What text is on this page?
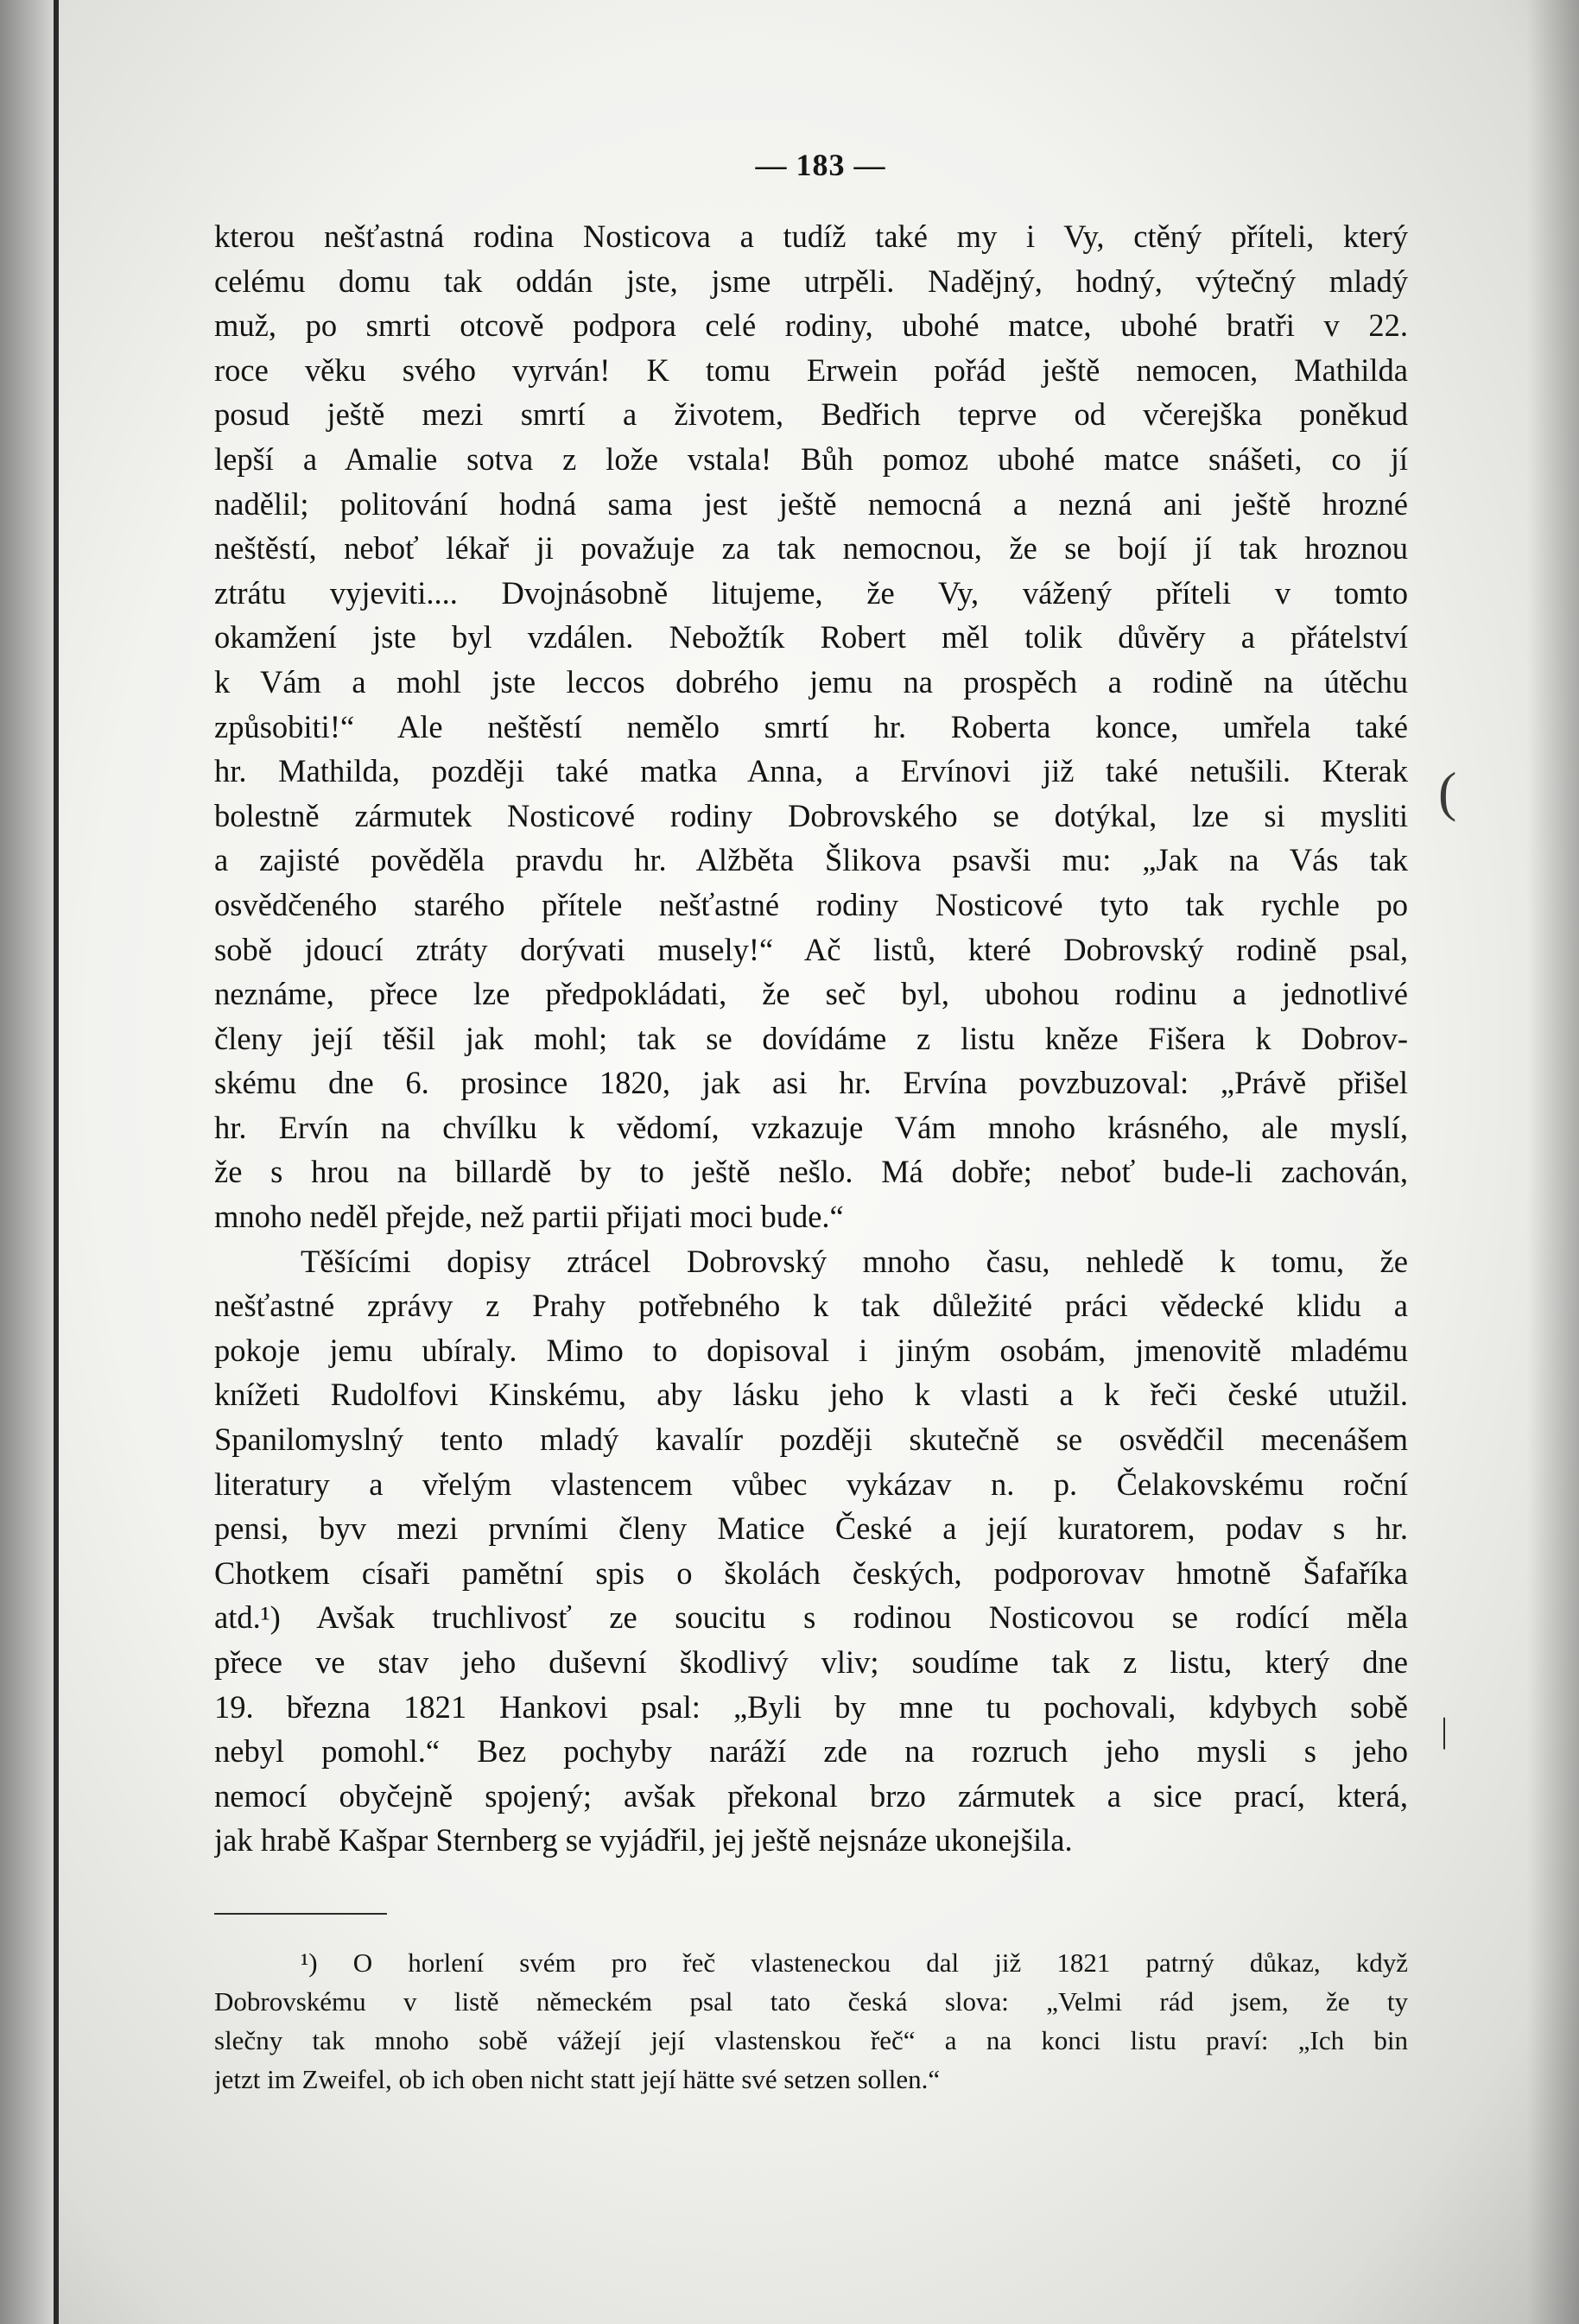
— 183 —
kterou nešťastná rodina Nosticova a tudíž také my i Vy, ctěný příteli, který
celému domu tak oddán jste, jsme utrpěli. Nadějný, hodný, výtečný mladý
muž, po smrti otcově podpora celé rodiny, ubohé matce, ubohé bratři v 22.
roce věku svého vyrván! K tomu Erwein pořád ještě nemocen, Mathilda
posud ještě mezi smrtí a životem, Bedřich teprve od včerejška poněkud
lepší a Amalie sotva z lože vstala! Bůh pomoz ubohé matce snášeti, co jí
nadělil; politování hodná sama jest ještě nemocná a nezná ani ještě hrozné
neštěstí, neboť lékař ji považuje za tak nemocnou, že se bojí jí tak hroznou
ztrátu vyjeviti.... Dvojnásobně litujeme, že Vy, vážený příteli v tomto
okamžení jste byl vzdálen. Nebožtík Robert měl tolik důvěry a přátelství
k Vám a mohl jste leccos dobrého jemu na prospěch a rodině na útěchu
způsobiti!“ Ale neštěstí nemělo smrtí hr. Roberta konce, umřela také
hr. Mathilda, později také matka Anna, a Ervínovi již také netušili. Kterak
bolestně zármutek Nosticové rodiny Dobrovského se dotýkal, lze si mysliti
a zajisté pověděla pravdu hr. Alžběta Šlikova psavši mu: „Jak na Vás tak
osvědčeného starého přítele nešťastné rodiny Nosticové tyto tak rychle po
sobě jdoucí ztráty dorývati musely!“ Ač listů, které Dobrovský rodině psal,
neznáme, přece lze předpokládati, že seč byl, ubohou rodinu a jednotlivé
členy její těšil jak mohl; tak se dovídáme z listu kněze Fišera k Dobrov-
skému dne 6. prosince 1820, jak asi hr. Ervína povzbuzoval: „Právě přišel
hr. Ervín na chvílku k vědomí, vzkazuje Vám mnoho krásného, ale myslí,
že s hrou na billardě by to ještě nešlo. Má dobře; neboť bude-li zachován,
mnoho neděl přejde, než partii přijati moci bude.“
Těšícími dopisy ztrácel Dobrovský mnoho času, nehledě k tomu, že
nešťastné zprávy z Prahy potřebného k tak důležité práci vědecké klidu a
pokoje jemu ubíraly. Mimo to dopisoval i jiným osobám, jmenovitě mladému
knížeti Rudolfovi Kinskému, aby lásku jeho k vlasti a k řeči české utužil.
Spanilomyslný tento mladý kavalír později skutečně se osvědčil mecenášem
literatury a vřelým vlastencem vůbec vykázav n. p. Čelakovskému roční
pensi, byv mezi prvními členy Matice České a její kuratorem, podav s hr.
Chotkem císaři pamětní spis o školách českých, podporovav hmotně Šafaříka
atd.¹) Avšak truchlivosť ze soucitu s rodinou Nosticovou se rodící měla
přece ve stav jeho duševní škodlivý vliv; soudíme tak z listu, který dne
19. března 1821 Hankovi psal: „Byli by mne tu pochovali, kdybych sobě
nebyl pomohl.“ Bez pochyby naráží zde na rozruch jeho mysli s jeho
nemocí obyčejně spojený; avšak překonal brzo zármutek a sice prací, která,
jak hrabě Kašpar Sternberg se vyjádřil, jej ještě nejsnáze ukonejšila.
¹) O horlení svém pro řeč vlasteneckou dal již 1821 patrný důkaz, když
Dobrovskému v listě německém psal tato česká slova: „Velmi rád jsem, že ty
slečny tak mnoho sobě vážejí její vlastenskou řeč“ a na konci listu praví: „Ich bin
jetzt im Zweifel, ob ich oben nicht statt její hätte své setzen sollen.“
(
|
